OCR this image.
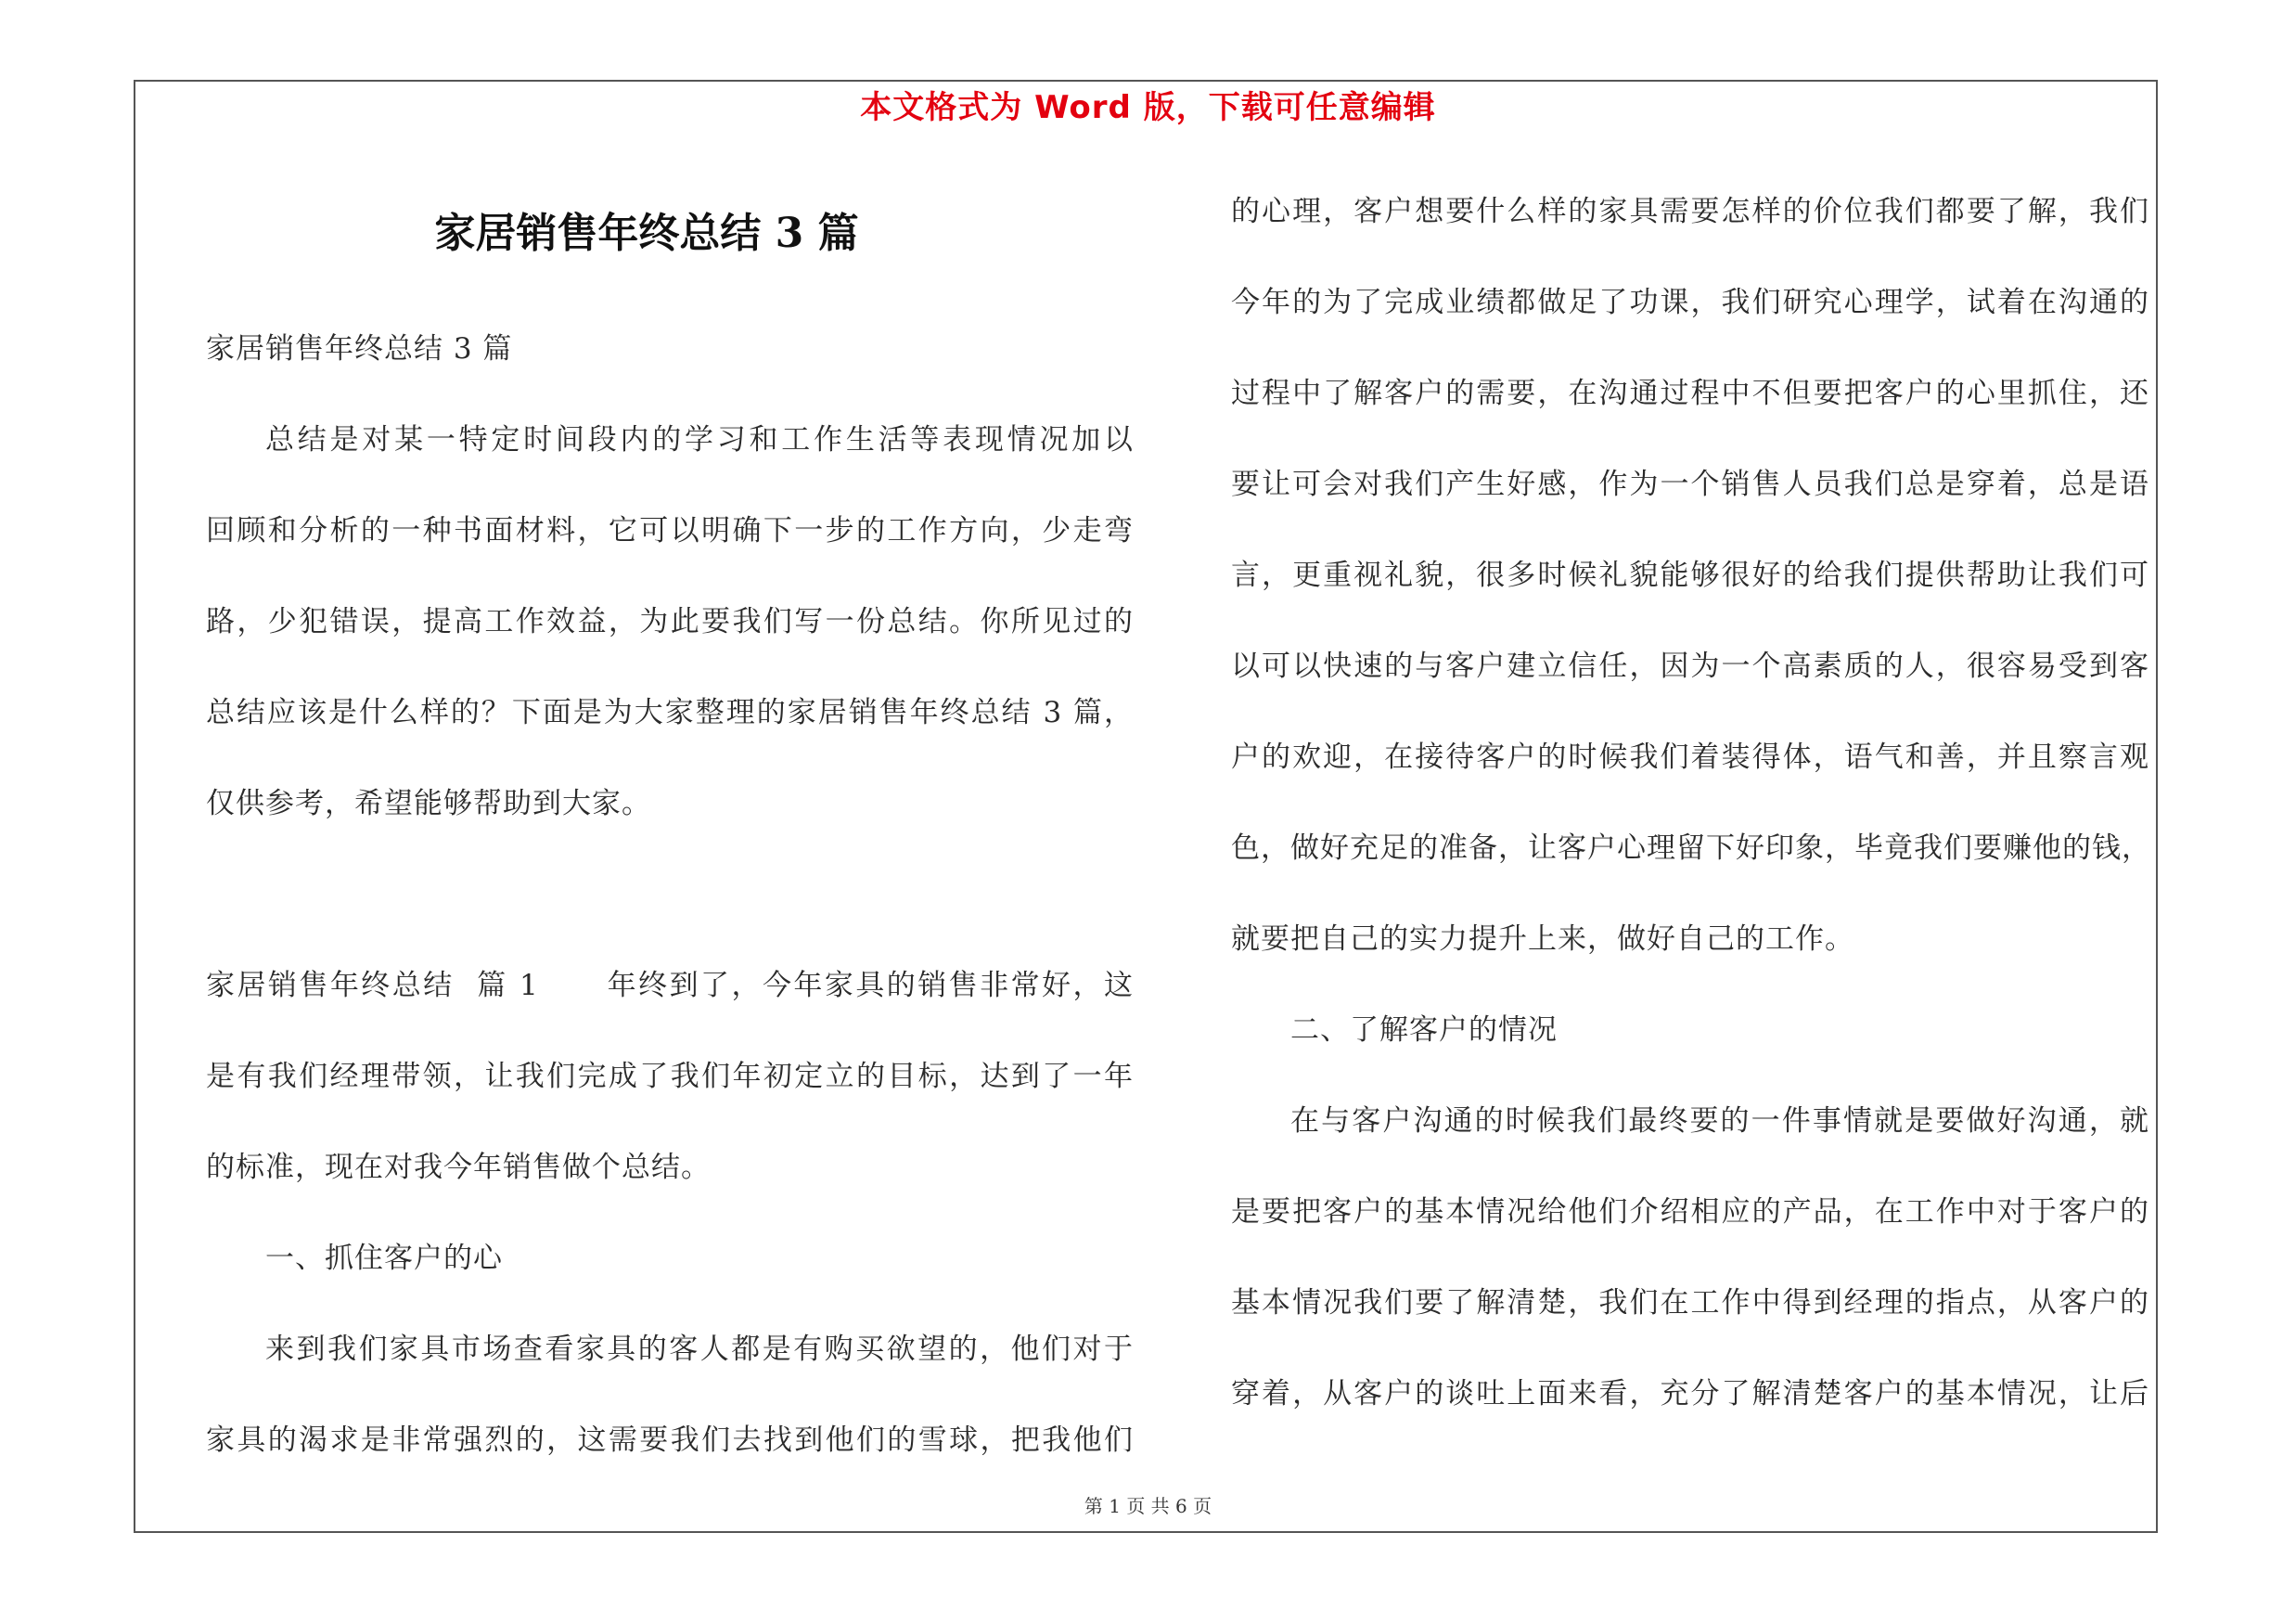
本文格式为 Word 版，下载可任意编辑
家居销售年终总结 3 篇
家居销售年终总结 3 篇
总结是对某一特定时间段内的学习和工作生活等表现情况加以
回顾和分析的一种书面材料，它可以明确下一步的工作方向，少走弯
路，少犯错误，提高工作效益，为此要我们写一份总结。你所见过的
总结应该是什么样的？下面是为大家整理的家居销售年终总结 3 篇，
仅供参考，希望能够帮助到大家。
家居销售年终总结  篇 1      年终到了，今年家具的销售非常好，这
是有我们经理带领，让我们完成了我们年初定立的目标，达到了一年
的标准，现在对我今年销售做个总结。
一、抓住客户的心
来到我们家具市场查看家具的客人都是有购买欲望的，他们对于
家具的渴求是非常强烈的，这需要我们去找到他们的雪球，把我他们
的心理，客户想要什么样的家具需要怎样的价位我们都要了解，我们
今年的为了完成业绩都做足了功课，我们研究心理学，试着在沟通的
过程中了解客户的需要，在沟通过程中不但要把客户的心里抓住，还
要让可会对我们产生好感，作为一个销售人员我们总是穿着，总是语
言，更重视礼貌，很多时候礼貌能够很好的给我们提供帮助让我们可
以可以快速的与客户建立信任，因为一个高素质的人，很容易受到客
户的欢迎，在接待客户的时候我们着装得体，语气和善，并且察言观
色，做好充足的准备，让客户心理留下好印象，毕竟我们要赚他的钱，
就要把自己的实力提升上来，做好自己的工作。
二、了解客户的情况
在与客户沟通的时候我们最终要的一件事情就是要做好沟通，就
是要把客户的基本情况给他们介绍相应的产品，在工作中对于客户的
基本情况我们要了解清楚，我们在工作中得到经理的指点，从客户的
穿着，从客户的谈吐上面来看，充分了解清楚客户的基本情况，让后
第 1 页 共 6 页
